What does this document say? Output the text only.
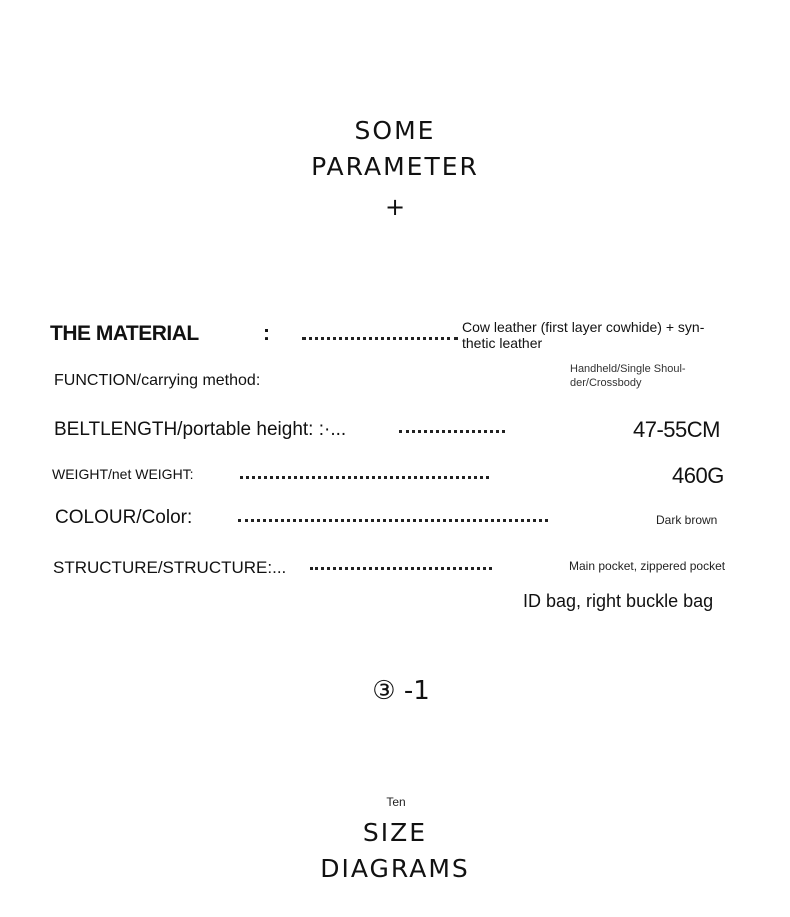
SOME
PARAMETER
+
THE MATERIAL	:	Cow leather (first layer cowhide) + syn-
thetic leather
FUNCTION/carrying method:
Handheld/Single Shoul-
der/Crossbody
BELTLENGTH/portable height: :·...	47-55CM
WEIGHT/net WEIGHT:	460G
COLOUR/Color:	Dark brown
STRUCTURE/STRUCTURE:...	Main pocket, zippered pocket
ID bag, right buckle bag
③ -1
Ten
SIZE
DIAGRAMS
